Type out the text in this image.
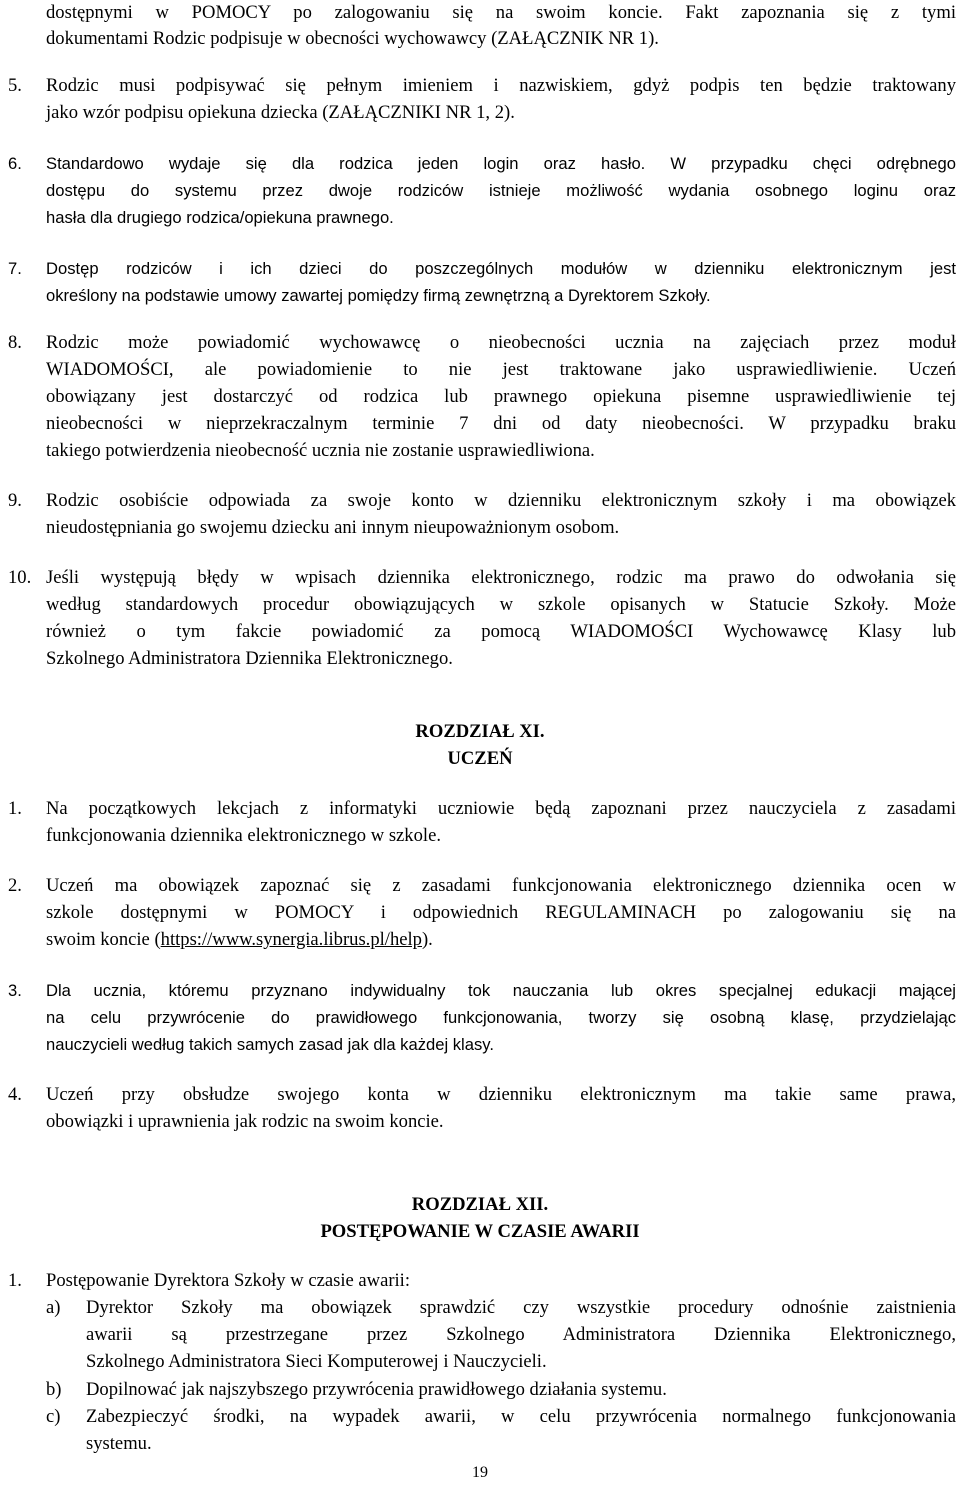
dostępnymi w POMOCY po zalogowaniu się na swoim koncie. Fakt zapoznania się z tymi
dokumentami Rodzic podpisuje w obecności wychowawcy (ZAŁĄCZNIK NR 1).
5. Rodzic musi podpisywać się pełnym imieniem i nazwiskiem, gdyż podpis ten będzie traktowany
jako wzór podpisu opiekuna dziecka (ZAŁĄCZNIKI NR 1, 2).
6. Standardowo wydaje się dla rodzica jeden login oraz hasło. W przypadku chęci odrębnego
dostępu do systemu przez dwoje rodziców istnieje możliwość wydania osobnego loginu oraz
hasła dla drugiego rodzica/opiekuna prawnego.
7. Dostęp rodziców i ich dzieci do poszczególnych modułów w dzienniku elektronicznym jest
określony na podstawie umowy zawartej pomiędzy firmą zewnętrzną a Dyrektorem Szkoły.
8. Rodzic może powiadomić wychowawcę o nieobecności ucznia na zajęciach przez moduł
WIADOMOŚCI, ale powiadomienie to nie jest traktowane jako usprawiedliwienie. Uczeń
obowiązany jest dostarczyć od rodzica lub prawnego opiekuna pisemne usprawiedliwienie tej
nieobecności w nieprzekraczalnym terminie 7 dni od daty nieobecności. W przypadku braku
takiego potwierdzenia nieobecność ucznia nie zostanie usprawiedliwiona.
9. Rodzic osobiście odpowiada za swoje konto w dzienniku elektronicznym szkoły i ma obowiązek
nieudostępniania go swojemu dziecku ani innym nieupoważnionym osobom.
10. Jeśli występują błędy w wpisach dziennika elektronicznego, rodzic ma prawo do odwołania się
według standardowych procedur obowiązujących w szkole opisanych w Statucie Szkoły. Może
również o tym fakcie powiadomić za pomocą WIADOMOŚCI Wychowawcę Klasy lub
Szkolnego Administratora Dziennika Elektronicznego.
ROZDZIAŁ XI.
UCZEŃ
1. Na początkowych lekcjach z informatyki uczniowie będą zapoznani przez nauczyciela z zasadami
funkcjonowania dziennika elektronicznego w szkole.
2. Uczeń ma obowiązek zapoznać się z zasadami funkcjonowania elektronicznego dziennika ocen w
szkole dostępnymi w POMOCY i odpowiednich REGULAMINACH po zalogowaniu się na
swoim koncie (https://www.synergia.librus.pl/help).
3. Dla ucznia, któremu przyznano indywidualny tok nauczania lub okres specjalnej edukacji mającej
na celu przywrócenie do prawidłowego funkcjonowania, tworzy się osobną klasę, przydzielając
nauczycieli według takich samych zasad jak dla każdej klasy.
4. Uczeń przy obsłudze swojego konta w dzienniku elektronicznym ma takie same prawa,
obowiązki i uprawnienia jak rodzic na swoim koncie.
ROZDZIAŁ XII.
POSTĘPOWANIE W CZASIE AWARII
1. Postępowanie Dyrektora Szkoły w czasie awarii:
a) Dyrektor Szkoły ma obowiązek sprawdzić czy wszystkie procedury odnośnie zaistnienia
awarii są przestrzegane przez Szkolnego Administratora Dziennika Elektronicznego,
Szkolnego Administratora Sieci Komputerowej i Nauczycieli.
b) Dopilnować jak najszybszego przywrócenia prawidłowego działania systemu.
c) Zabezpieczyć środki, na wypadek awarii, w celu przywrócenia normalnego funkcjonowania
systemu.
19
